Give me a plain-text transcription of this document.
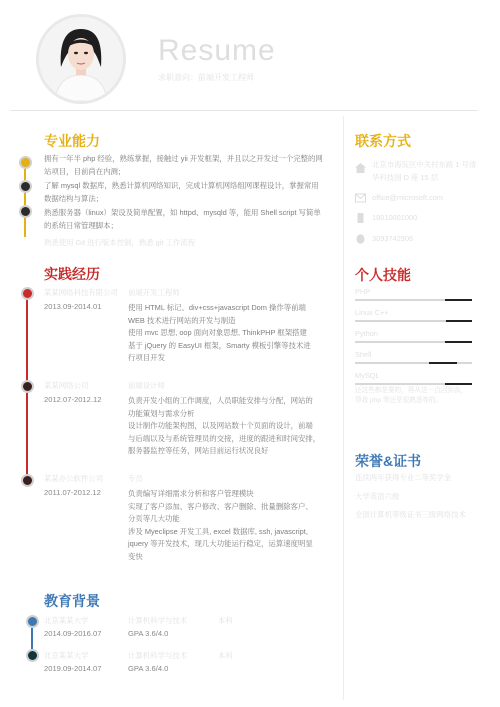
Resume
求职意向：前端开发工程师
专业能力
拥有一年半 php 经验，熟练掌握，接触过 yii 开发框架，并且以之开发过一个完整的网站项目，目前尚在内测；
了解 mysql 数据库，熟悉计算机网络知识，完成计算机网络组网课程设计，掌握常用数据结构与算法；
熟悉服务器（linux）架设及简单配置，如 httpd、mysqld 等，能用 Shell script 写简单的系统日常管理脚本；
熟悉使用 Git 进行版本控制，熟悉 git 工作流程
实践经历
某某网络科技有限公司 前端开发工程师
2013.09-2014.01	使用 HTML 标记、div+css+javascript Dom 操作等前端
WEB 技术进行网站的开发与制造
使用 mvc 思想, oop 面向对象思想, ThinkPHP 框架搭建
基于 jQuery 的 EasyUI 框架，Smarty 模板引擎等技术进
行项目开发
某某网络公司	前端设计师
2012.07-2012.12	负责开发小组的工作调度，人员职能安排与分配，网站的
功能策划与需求分析
设计制作功能架构图，以及网站数十个页面的设计，前端
与后端以及与系统管理员的交接，进度的跟进和时间安排，
服务器监控等任务，网站目前运行状况良好
某某办公软件公司	专员
2011.07-2012.12	负责编写详细需求分析和客户管理模块
实现了客户添加、客户修改、客户删除、批量删除客户、
分页等几大功能
涉及 Myeclipse 开发工具, excel 数据库, ssh, javascript,
jquery 等开发技术，现几大功能运行稳定，运算速度明显
变快
教育背景
北京某某大学	计算机科学与技术	本科
2014.09-2016.07	GPA 3.6/4.0
北京某某大学	计算机科学与技术	本科
2019.09-2014.07	GPA 3.6/4.0
联系方式
北京市海淀区中关村东路 1 号清华科技园 D 座 15 层
office@microsoft.com
18010001000
3093742906
个人技能
PHP
Linux C++
Python
Shell
MySQL
还这些都是要的，再从这一点回到我，帮我 php 等还是很熟悉等的。
荣誉&证书
连续两年获得专业二等奖学金
大学英语六级
全国计算机等级证书三级网络技术
